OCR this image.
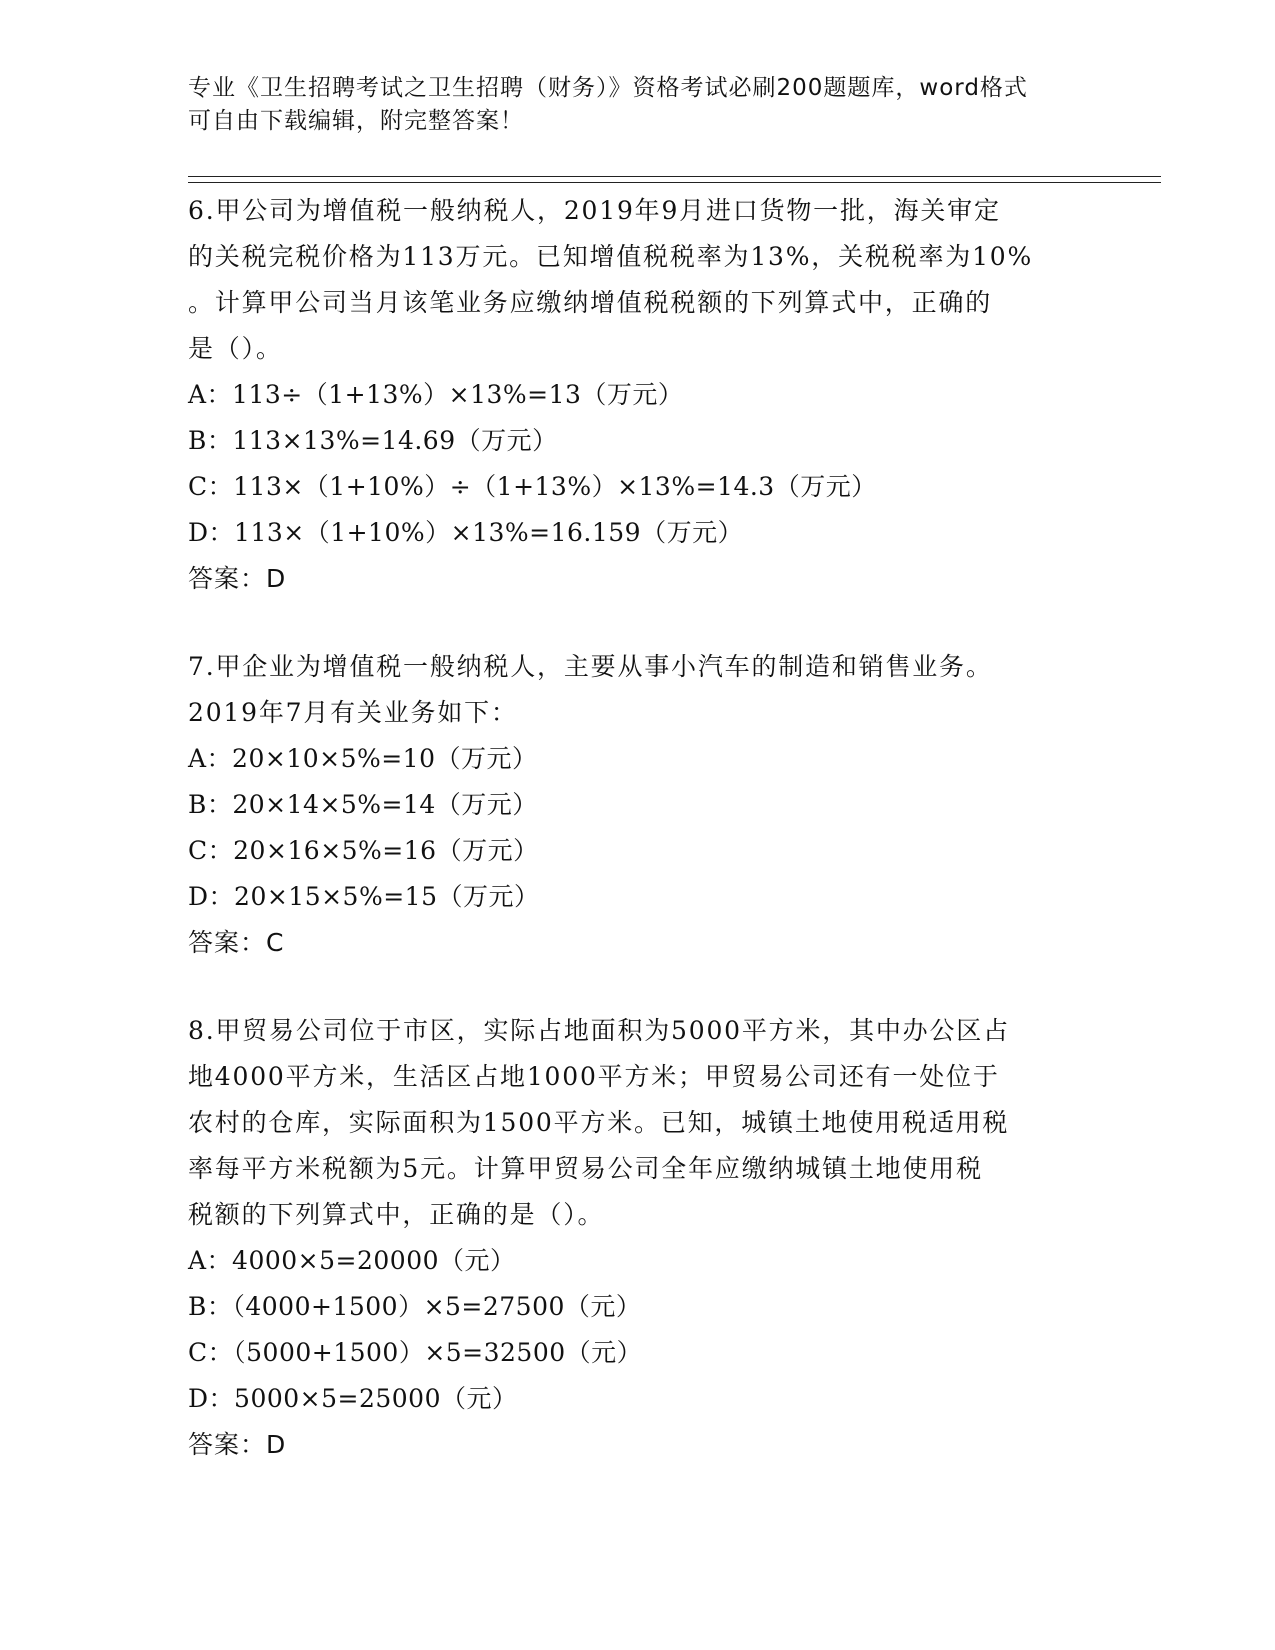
专业《卫生招聘考试之卫生招聘（财务）》资格考试必刷200题题库，word格式
可自由下载编辑，附完整答案！
6.甲公司为增值税一般纳税人，2019年9月进口货物一批，海关审定
的关税完税价格为113万元。已知增值税税率为13%，关税税率为10%
。计算甲公司当月该笔业务应缴纳增值税税额的下列算式中，正确的
是（）。
A：113÷（1+13%）×13%=13（万元）
B：113×13%=14.69（万元）
C：113×（1+10%）÷（1+13%）×13%=14.3（万元）
D：113×（1+10%）×13%=16.159（万元）
答案：D
7.甲企业为增值税一般纳税人，主要从事小汽车的制造和销售业务。
2019年7月有关业务如下：
A：20×10×5%=10（万元）
B：20×14×5%=14（万元）
C：20×16×5%=16（万元）
D：20×15×5%=15（万元）
答案：C
8.甲贸易公司位于市区，实际占地面积为5000平方米，其中办公区占
地4000平方米，生活区占地1000平方米；甲贸易公司还有一处位于
农村的仓库，实际面积为1500平方米。已知，城镇土地使用税适用税
率每平方米税额为5元。计算甲贸易公司全年应缴纳城镇土地使用税
税额的下列算式中，正确的是（）。
A：4000×5=20000（元）
B：（4000+1500）×5=27500（元）
C：（5000+1500）×5=32500（元）
D：5000×5=25000（元）
答案：D
